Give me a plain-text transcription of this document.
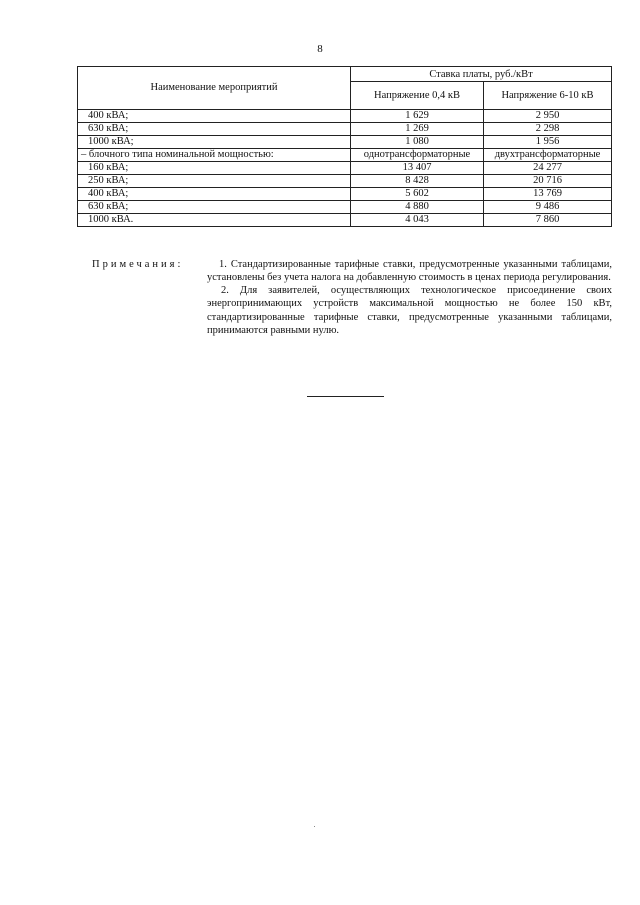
8
Наименование мероприятий	Ставка платы, руб./кВт	
	Напряжение 0,4 кВ	Напряжение 6-10 кВ
400 кВА;	1 629	2 950
630 кВА;	1 269	2 298
1000 кВА;	1 080	1 956
– блочного типа номинальной мощностью:	однотрансформаторные	двухтрансформаторные
160 кВА;	13 407	24 277
250 кВА;	8 428	20 716
400 кВА;	5 602	13 769
630 кВА;	4 880	9 486
1000 кВА.	4 043	7 860
Примечания:	1. Стандартизированные тарифные ставки, предусмотренные указанными таблицами, установлены без учета налога на добавленную стоимость в ценах периода регулирования.

2. Для заявителей, осуществляющих технологическое присоединение своих энергопринимающих устройств максимальной мощностью не более 150 кВт, стандартизированные тарифные ставки, предусмотренные указанными таблицами, принимаются равными нулю.
